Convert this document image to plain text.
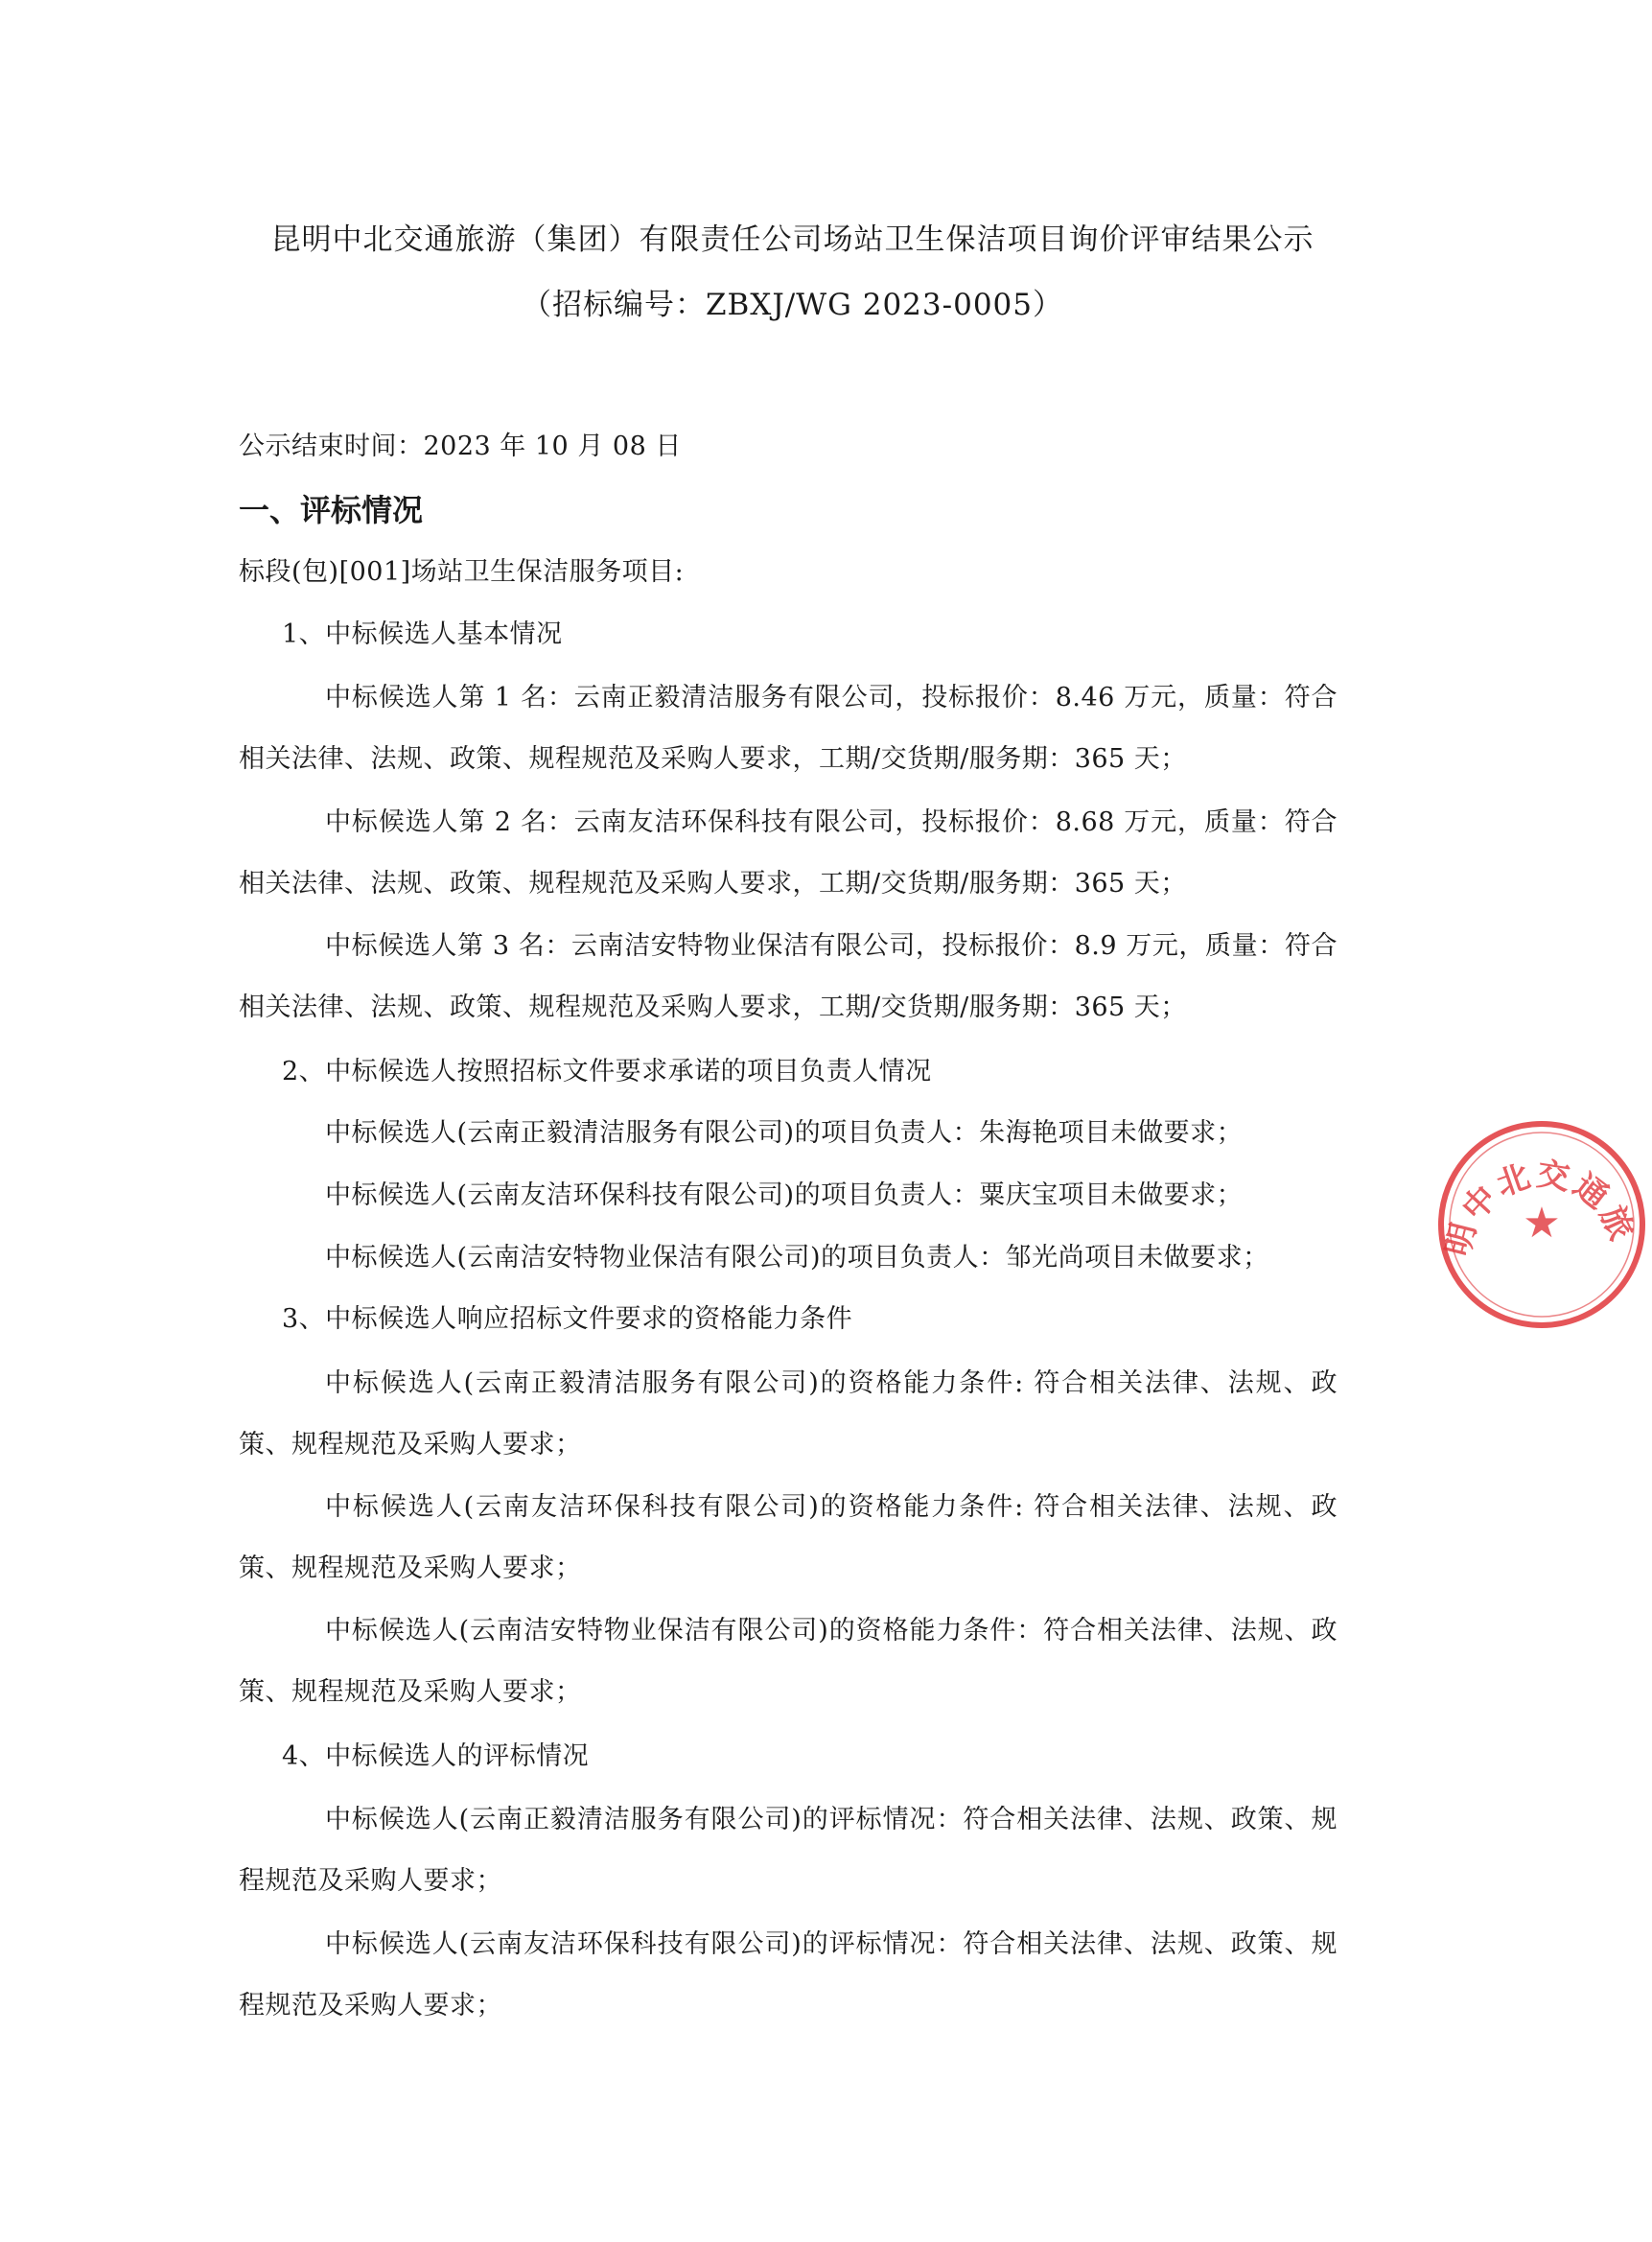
昆明中北交通旅游（集团）有限责任公司场站卫生保洁项目询价评审结果公示
（招标编号：ZBXJ/WG 2023-0005）
公示结束时间：2023 年 10 月 08 日
一、评标情况
标段(包)[001]场站卫生保洁服务项目:
1、中标候选人基本情况
中标候选人第 1 名：云南正毅清洁服务有限公司，投标报价：8.46 万元，质量：符合相关法律、法规、政策、规程规范及采购人要求，工期/交货期/服务期：365 天；
中标候选人第 2 名：云南友洁环保科技有限公司，投标报价：8.68 万元，质量：符合相关法律、法规、政策、规程规范及采购人要求，工期/交货期/服务期：365 天；
中标候选人第 3 名：云南洁安特物业保洁有限公司，投标报价：8.9 万元，质量：符合相关法律、法规、政策、规程规范及采购人要求，工期/交货期/服务期：365 天；
2、中标候选人按照招标文件要求承诺的项目负责人情况
中标候选人(云南正毅清洁服务有限公司)的项目负责人：朱海艳项目未做要求；
中标候选人(云南友洁环保科技有限公司)的项目负责人：粟庆宝项目未做要求；
中标候选人(云南洁安特物业保洁有限公司)的项目负责人：邹光尚项目未做要求；
3、中标候选人响应招标文件要求的资格能力条件
中标候选人(云南正毅清洁服务有限公司)的资格能力条件: 符合相关法律、法规、政策、规程规范及采购人要求；
中标候选人(云南友洁环保科技有限公司)的资格能力条件: 符合相关法律、法规、政策、规程规范及采购人要求；
中标候选人(云南洁安特物业保洁有限公司)的资格能力条件：符合相关法律、法规、政策、规程规范及采购人要求；
4、中标候选人的评标情况
中标候选人(云南正毅清洁服务有限公司)的评标情况：符合相关法律、法规、政策、规程规范及采购人要求；
中标候选人(云南友洁环保科技有限公司)的评标情况：符合相关法律、法规、政策、规程规范及采购人要求；
明中北交通旅
★
